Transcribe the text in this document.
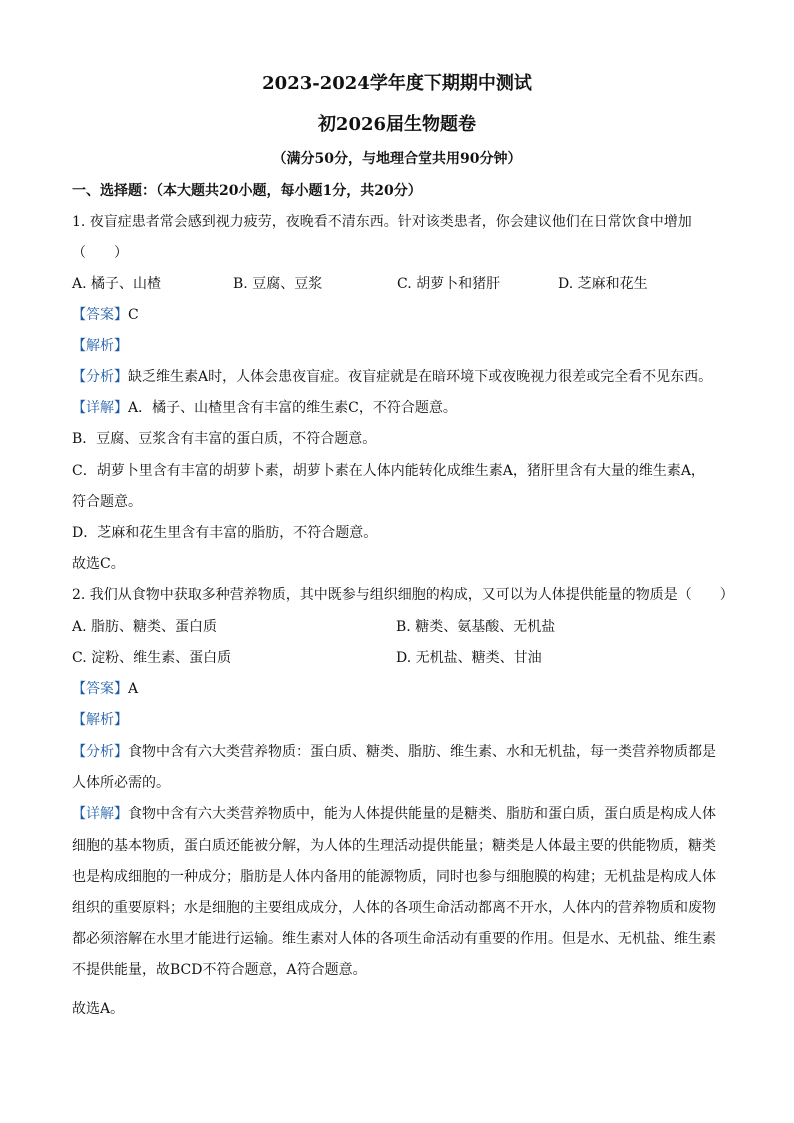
2023-2024学年度下期期中测试
初2026届生物题卷
（满分50分，与地理合堂共用90分钟）
一、选择题：（本大题共20小题，每小题1分，共20分）
1. 夜盲症患者常会感到视力疲劳，夜晚看不清东西。针对该类患者，你会建议他们在日常饮食中增加
（　　）
A. 橘子、山楂	B. 豆腐、豆浆	C. 胡萝卜和猪肝	D. 芝麻和花生
【答案】C
【解析】
【分析】缺乏维生素A时，人体会患夜盲症。夜盲症就是在暗环境下或夜晚视力很差或完全看不见东西。
【详解】A．橘子、山楂里含有丰富的维生素C，不符合题意。
B．豆腐、豆浆含有丰富的蛋白质，不符合题意。
C．胡萝卜里含有丰富的胡萝卜素，胡萝卜素在人体内能转化成维生素A，猪肝里含有大量的维生素A，
符合题意。
D．芝麻和花生里含有丰富的脂肪，不符合题意。
故选C。
2. 我们从食物中获取多种营养物质，其中既参与组织细胞的构成，又可以为人体提供能量的物质是（　　）
A. 脂肪、糖类、蛋白质	B. 糖类、氨基酸、无机盐
C. 淀粉、维生素、蛋白质	D. 无机盐、糖类、甘油
【答案】A
【解析】
【分析】食物中含有六大类营养物质：蛋白质、糖类、脂肪、维生素、水和无机盐，每一类营养物质都是
人体所必需的。
【详解】食物中含有六大类营养物质中，能为人体提供能量的是糖类、脂肪和蛋白质，蛋白质是构成人体
细胞的基本物质，蛋白质还能被分解，为人体的生理活动提供能量；糖类是人体最主要的供能物质，糖类
也是构成细胞的一种成分；脂肪是人体内备用的能源物质，同时也参与细胞膜的构建；无机盐是构成人体
组织的重要原料；水是细胞的主要组成成分，人体的各项生命活动都离不开水，人体内的营养物质和废物
都必须溶解在水里才能进行运输。维生素对人体的各项生命活动有重要的作用。但是水、无机盐、维生素
不提供能量，故BCD不符合题意，A符合题意。
故选A。
